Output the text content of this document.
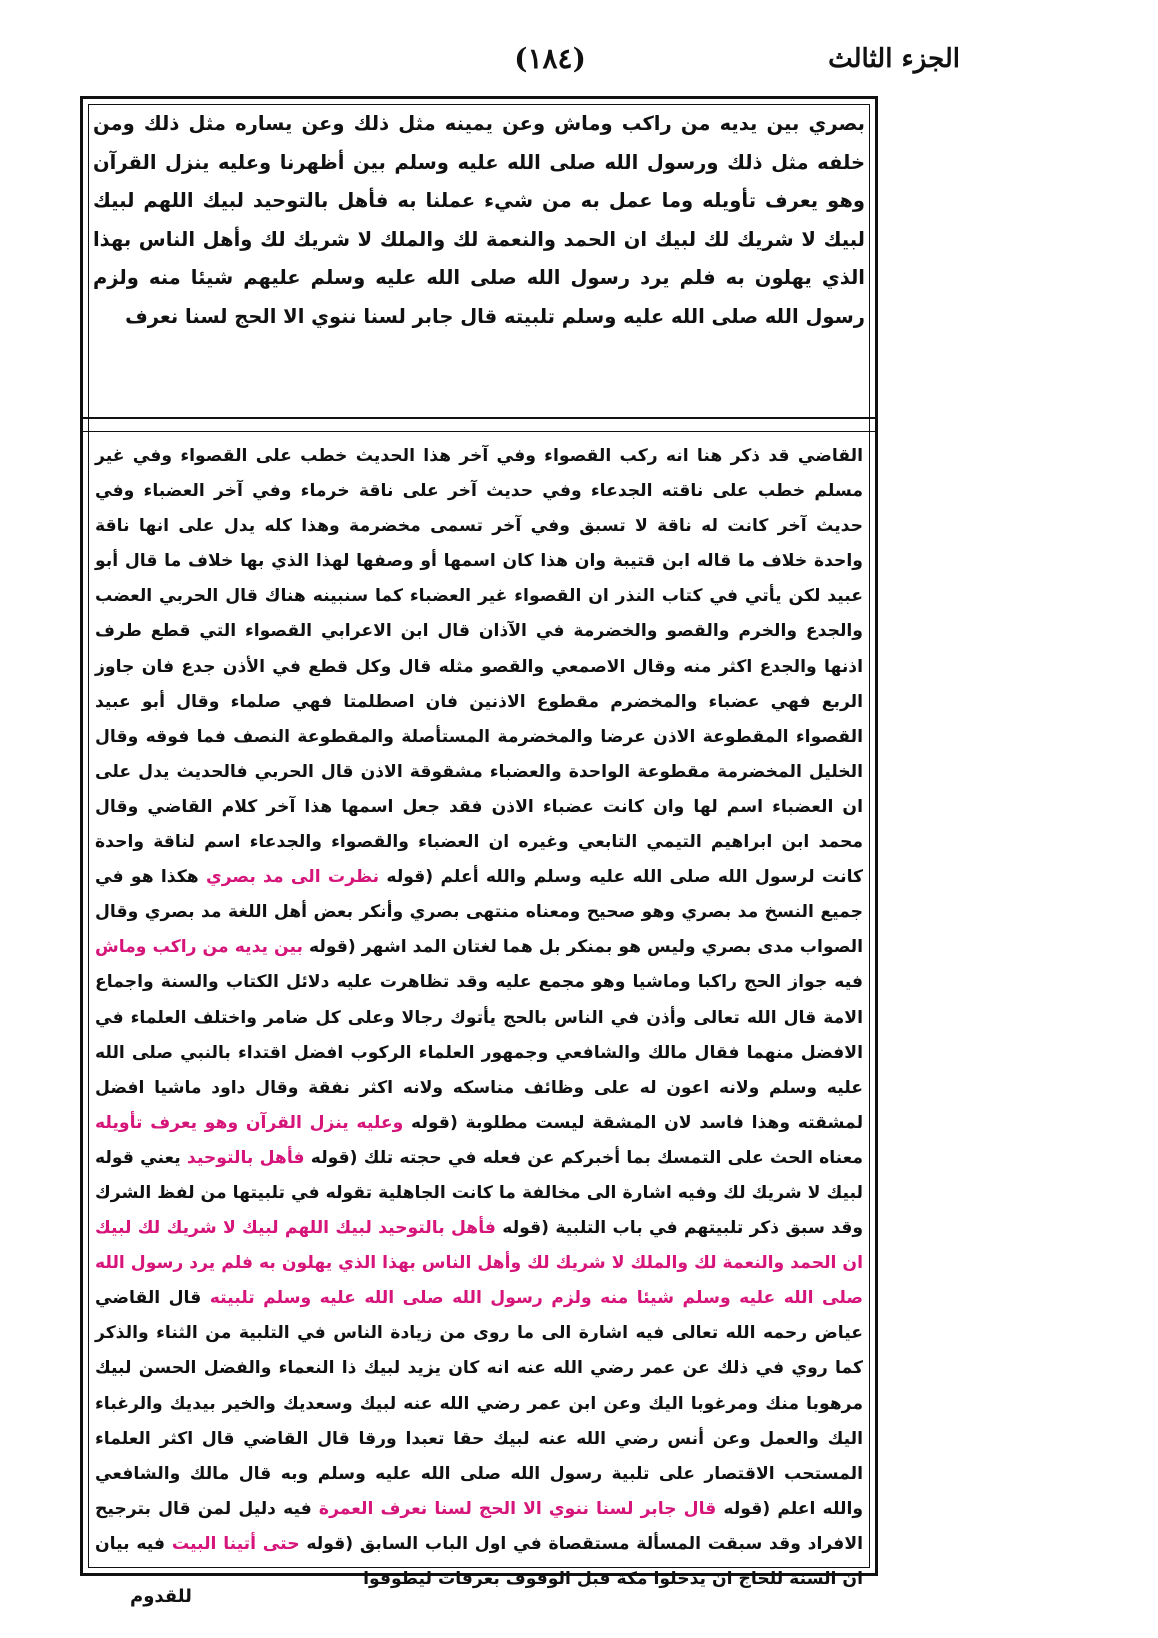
(١٨٤)	الجزء الثالث
بصري بين يديه من راكب وماش وعن يمينه مثل ذلك وعن يساره مثل ذلك ومن خلفه مثل ذلك ورسول الله صلى الله عليه وسلم بين أظهرنا وعليه ينزل القرآن وهو يعرف تأويله وما عمل به من شيء عملنا به فأهل بالتوحيد لبيك اللهم لبيك لبيك لا شريك لك لبيك ان الحمد والنعمة لك والملك لا شريك لك وأهل الناس بهذا الذي يهلون به فلم يرد رسول الله صلى الله عليه وسلم عليهم شيئا منه ولزم رسول الله صلى الله عليه وسلم تلبيته قال جابر لسنا ننوي الا الحج لسنا نعرف

القاضي قد ذكر هنا انه ركب القصواء وفي آخر هذا الحديث خطب على القصواء وفي غير مسلم خطب على ناقته الجدعاء وفي حديث آخر على ناقة خرماء وفي آخر العضباء وفي حديث آخر كانت له ناقة لا تسبق وفي آخر تسمى مخضرمة وهذا كله يدل على انها ناقة واحدة خلاف ما قاله ابن قتيبة وان هذا كان اسمها أو وصفها لهذا الذي بها خلاف ما قال أبو عبيد لكن يأتي في كتاب النذر ان القصواء غير العضباء كما سنبينه هناك قال الحربي العضب والجدع والخرم والقصو والخضرمة في الآذان قال ابن الاعرابي القصواء التي قطع طرف اذنها والجدع اكثر منه وقال الاصمعي والقصو مثله قال وكل قطع في الأذن جدع فان جاوز الربع فهي عضباء والمخضرم مقطوع الاذنين فان اصطلمتا فهي صلماء وقال أبو عبيد القصواء المقطوعة الاذن عرضا والمخضرمة المستأصلة والمقطوعة النصف فما فوقه وقال الخليل المخضرمة مقطوعة الواحدة والعضباء مشقوقة الاذن قال الحربي فالحديث يدل على ان العضباء اسم لها وان كانت عضباء الاذن فقد جعل اسمها هذا آخر كلام القاضي وقال محمد ابن ابراهيم التيمي التابعي وغيره ان العضباء والقصواء والجدعاء اسم لناقة واحدة كانت لرسول الله صلى الله عليه وسلم والله أعلم (قوله نظرت الى مد بصري هكذا هو في جميع النسخ مد بصري وهو صحيح ومعناه منتهى بصري وأنكر بعض أهل اللغة مد بصري وقال الصواب مدى بصري وليس هو بمنكر بل هما لغتان المد اشهر (قوله بين يديه من راكب وماش فيه جواز الحج راكبا وماشيا وهو مجمع عليه وقد تظاهرت عليه دلائل الكتاب والسنة واجماع الامة قال الله تعالى وأذن في الناس بالحج يأتوك رجالا وعلى كل ضامر واختلف العلماء في الافضل منهما فقال مالك والشافعي وجمهور العلماء الركوب افضل اقتداء بالنبي صلى الله عليه وسلم ولانه اعون له على وظائف مناسكه ولانه اكثر نفقة وقال داود ماشيا افضل لمشقته وهذا فاسد لان المشقة ليست مطلوبة (قوله وعليه ينزل القرآن وهو يعرف تأويله معناه الحث على التمسك بما أخبركم عن فعله في حجته تلك (قوله فأهل بالتوحيد يعني قوله لبيك لا شريك لك وفيه اشارة الى مخالفة ما كانت الجاهلية تقوله في تلبيتها من لفظ الشرك وقد سبق ذكر تلبيتهم في باب التلبية (قوله فأهل بالتوحيد لبيك اللهم لبيك لا شريك لك لبيك ان الحمد والنعمة لك والملك لا شريك لك وأهل الناس بهذا الذي يهلون به فلم يرد رسول الله صلى الله عليه وسلم شيئا منه ولزم رسول الله صلى الله عليه وسلم تلبيته قال القاضي عياض رحمه الله تعالى فيه اشارة الى ما روى من زيادة الناس في التلبية من الثناء والذكر كما روي في ذلك عن عمر رضي الله عنه انه كان يزيد لبيك ذا النعماء والفضل الحسن لبيك مرهوبا منك ومرغوبا اليك وعن ابن عمر رضي الله عنه لبيك وسعديك والخير بيديك والرغباء اليك والعمل وعن أنس رضي الله عنه لبيك حقا تعبدا ورقا قال القاضي قال اكثر العلماء المستحب الاقتصار على تلبية رسول الله صلى الله عليه وسلم وبه قال مالك والشافعي والله اعلم (قوله قال جابر لسنا ننوي الا الحج لسنا نعرف العمرة فيه دليل لمن قال بترجيح الافراد وقد سبقت المسألة مستقصاة في اول الباب السابق (قوله حتى أتينا البيت فيه بيان ان السنة للحاج ان يدخلوا مكة قبل الوقوف بعرفات ليطوفوا

للقدوم
